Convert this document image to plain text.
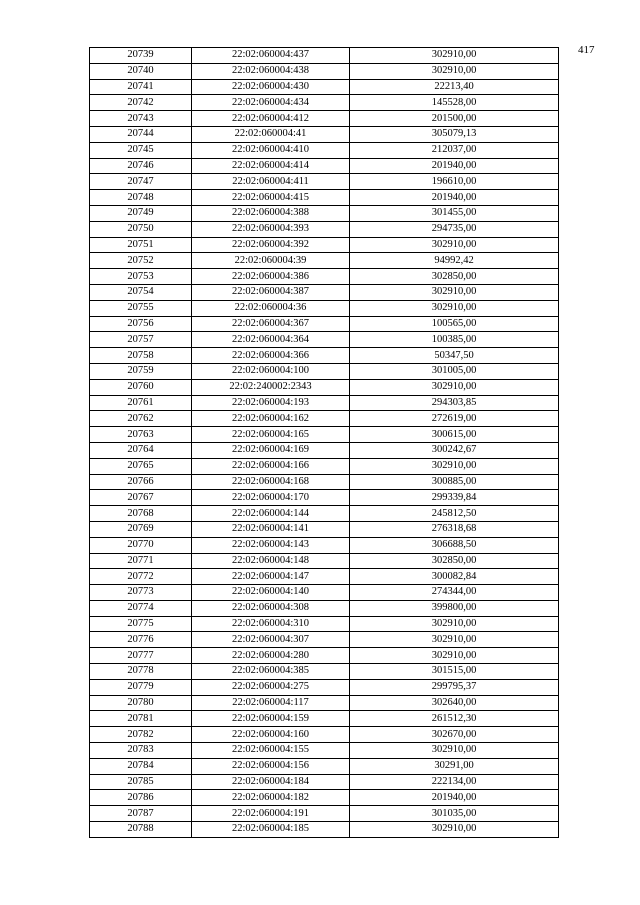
417
20739	22:02:060004:437	302910,00
20740	22:02:060004:438	302910,00
20741	22:02:060004:430	22213,40
20742	22:02:060004:434	145528,00
20743	22:02:060004:412	201500,00
20744	22:02:060004:41	305079,13
20745	22:02:060004:410	212037,00
20746	22:02:060004:414	201940,00
20747	22:02:060004:411	196610,00
20748	22:02:060004:415	201940,00
20749	22:02:060004:388	301455,00
20750	22:02:060004:393	294735,00
20751	22:02:060004:392	302910,00
20752	22:02:060004:39	94992,42
20753	22:02:060004:386	302850,00
20754	22:02:060004:387	302910,00
20755	22:02:060004:36	302910,00
20756	22:02:060004:367	100565,00
20757	22:02:060004:364	100385,00
20758	22:02:060004:366	50347,50
20759	22:02:060004:100	301005,00
20760	22:02:240002:2343	302910,00
20761	22:02:060004:193	294303,85
20762	22:02:060004:162	272619,00
20763	22:02:060004:165	300615,00
20764	22:02:060004:169	300242,67
20765	22:02:060004:166	302910,00
20766	22:02:060004:168	300885,00
20767	22:02:060004:170	299339,84
20768	22:02:060004:144	245812,50
20769	22:02:060004:141	276318,68
20770	22:02:060004:143	306688,50
20771	22:02:060004:148	302850,00
20772	22:02:060004:147	300082,84
20773	22:02:060004:140	274344,00
20774	22:02:060004:308	399800,00
20775	22:02:060004:310	302910,00
20776	22:02:060004:307	302910,00
20777	22:02:060004:280	302910,00
20778	22:02:060004:385	301515,00
20779	22:02:060004:275	299795,37
20780	22:02:060004:117	302640,00
20781	22:02:060004:159	261512,30
20782	22:02:060004:160	302670,00
20783	22:02:060004:155	302910,00
20784	22:02:060004:156	30291,00
20785	22:02:060004:184	222134,00
20786	22:02:060004:182	201940,00
20787	22:02:060004:191	301035,00
20788	22:02:060004:185	302910,00
